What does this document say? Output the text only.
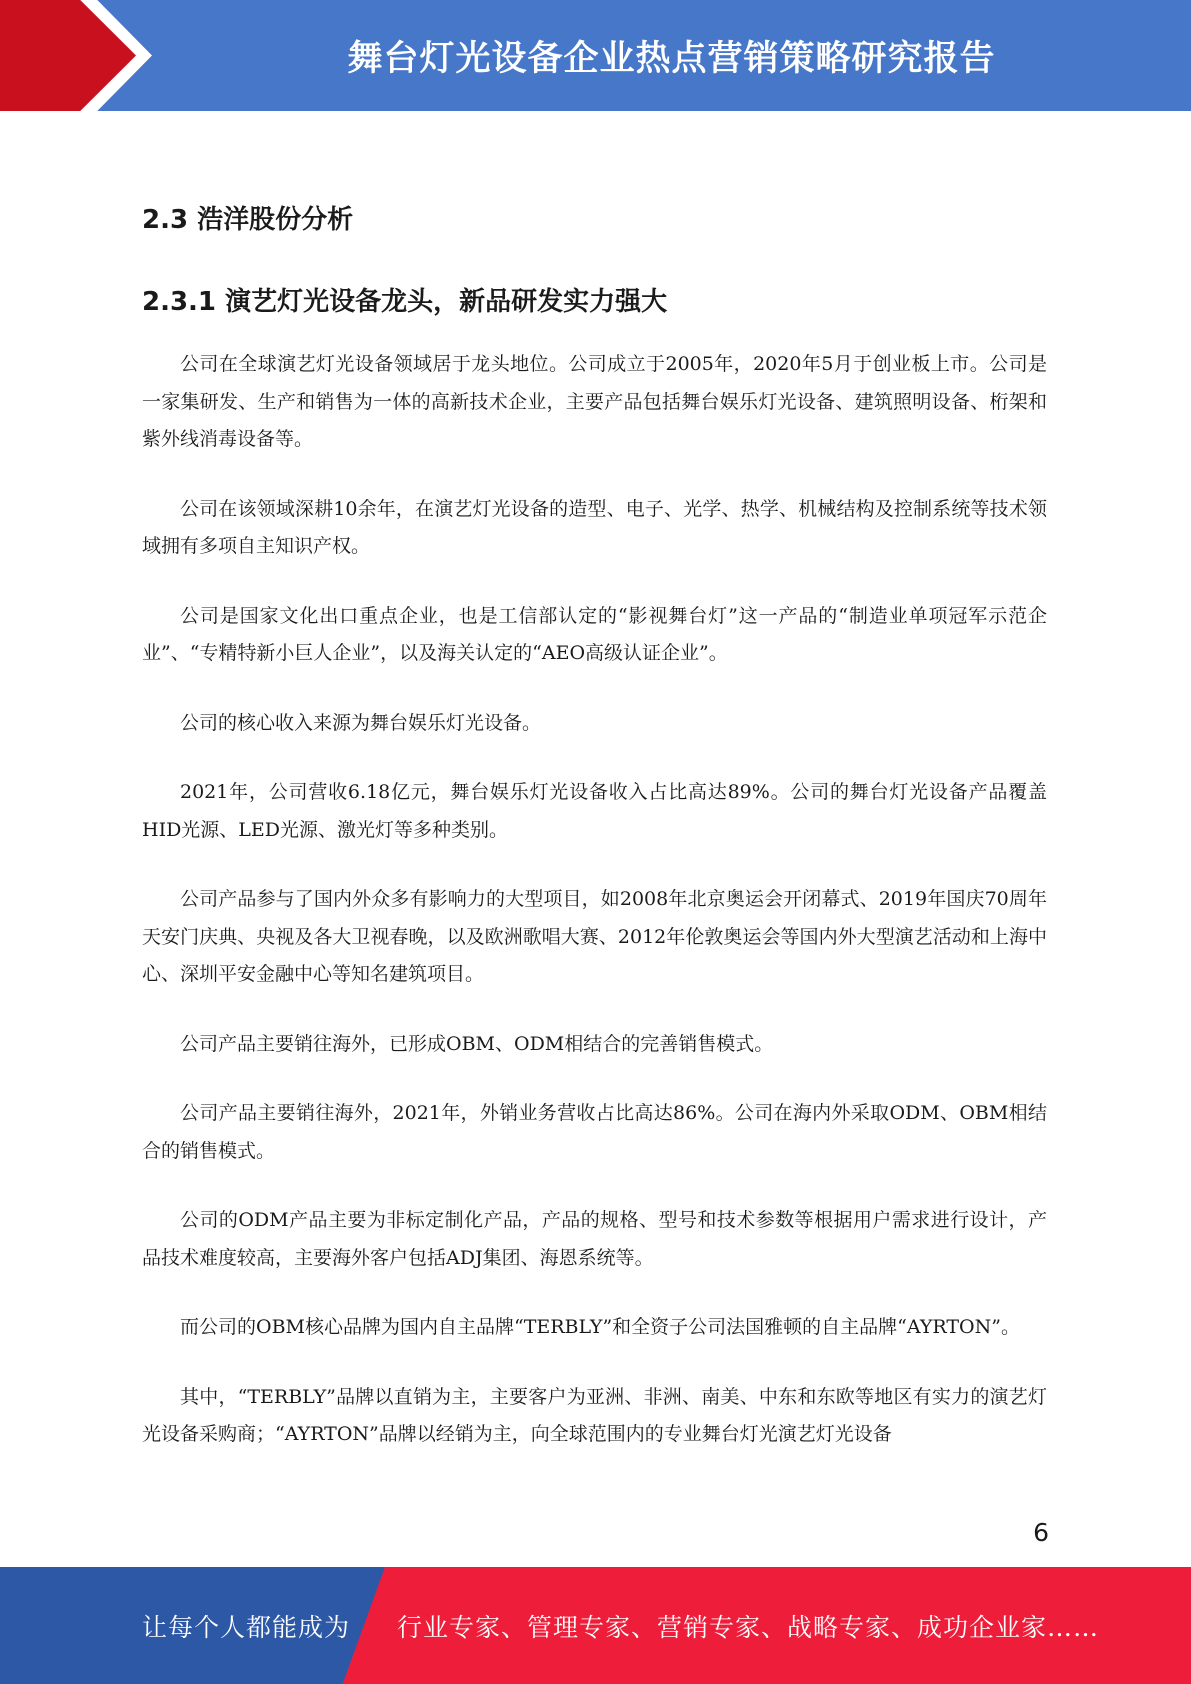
舞台灯光设备企业热点营销策略研究报告
2.3 浩洋股份分析
2.3.1 演艺灯光设备龙头，新品研发实力强大

公司在全球演艺灯光设备领域居于龙头地位。公司成立于2005年，2020年5月于创业板上市。公司是一家集研发、生产和销售为一体的高新技术企业，主要产品包括舞台娱乐灯光设备、建筑照明设备、桁架和紫外线消毒设备等。

公司在该领域深耕10余年，在演艺灯光设备的造型、电子、光学、热学、机械结构及控制系统等技术领域拥有多项自主知识产权。

公司是国家文化出口重点企业，也是工信部认定的“影视舞台灯”这一产品的“制造业单项冠军示范企业”、“专精特新小巨人企业”，以及海关认定的“AEO高级认证企业”。

公司的核心收入来源为舞台娱乐灯光设备。

2021年，公司营收6.18亿元，舞台娱乐灯光设备收入占比高达89%。公司的舞台灯光设备产品覆盖HID光源、LED光源、激光灯等多种类别。

公司产品参与了国内外众多有影响力的大型项目，如2008年北京奥运会开闭幕式、2019年国庆70周年天安门庆典、央视及各大卫视春晚，以及欧洲歌唱大赛、2012年伦敦奥运会等国内外大型演艺活动和上海中心、深圳平安金融中心等知名建筑项目。

公司产品主要销往海外，已形成OBM、ODM相结合的完善销售模式。

公司产品主要销往海外，2021年，外销业务营收占比高达86%。公司在海内外采取ODM、OBM相结合的销售模式。

公司的ODM产品主要为非标定制化产品，产品的规格、型号和技术参数等根据用户需求进行设计，产品技术难度较高，主要海外客户包括ADJ集团、海恩系统等。

而公司的OBM核心品牌为国内自主品牌“TERBLY”和全资子公司法国雅顿的自主品牌“AYRTON”。

其中，“TERBLY”品牌以直销为主，主要客户为亚洲、非洲、南美、中东和东欧等地区有实力的演艺灯光设备采购商；“AYRTON”品牌以经销为主，向全球范围内的专业舞台灯光演艺灯光设备

6
让每个人都能成为 行业专家、管理专家、营销专家、战略专家、成功企业家……
